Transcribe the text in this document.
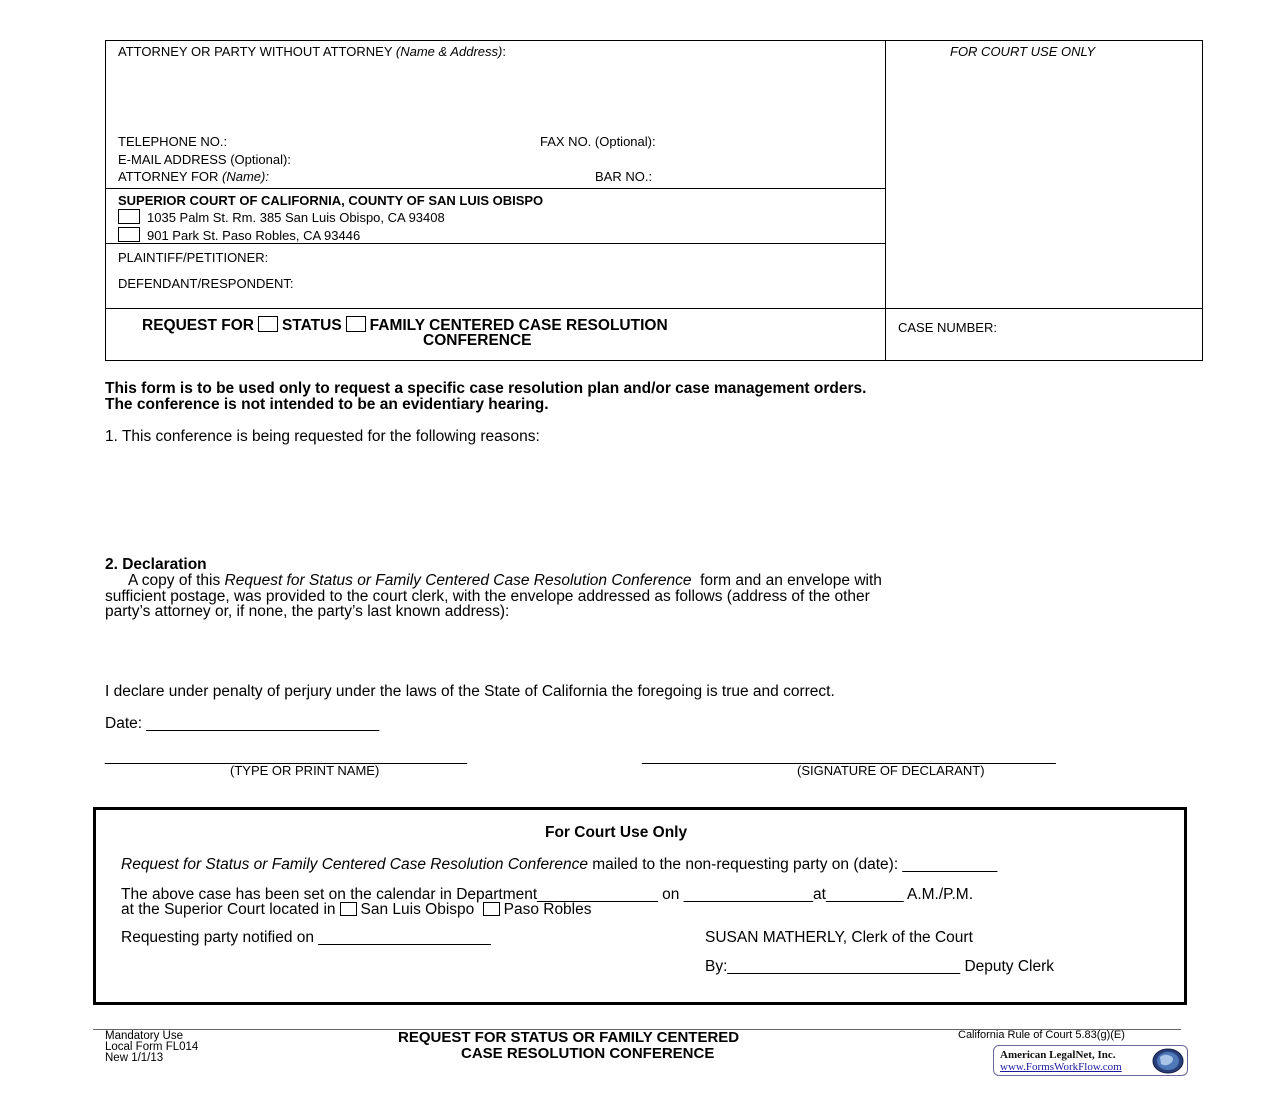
ATTORNEY OR PARTY WITHOUT ATTORNEY (Name & Address):	FOR COURT USE ONLY
TELEPHONE NO.:	FAX NO. (Optional):
E-MAIL ADDRESS (Optional):
ATTORNEY FOR (Name):	BAR NO.:
SUPERIOR COURT OF CALIFORNIA, COUNTY OF SAN LUIS OBISPO
1035 Palm St. Rm. 385 San Luis Obispo, CA 93408
901 Park St. Paso Robles, CA 93446
PLAINTIFF/PETITIONER:
DEFENDANT/RESPONDENT:
REQUEST FOR STATUS FAMILY CENTERED CASE RESOLUTION
CONFERENCE
CASE NUMBER:
This form is to be used only to request a specific case resolution plan and/or case management orders.
The conference is not intended to be an evidentiary hearing.
1. This conference is being requested for the following reasons:
2. Declaration
A copy of this Request for Status or Family Centered Case Resolution Conference form and an envelope with
sufficient postage, was provided to the court clerk, with the envelope addressed as follows (address of the other
party’s attorney or, if none, the party’s last known address):
I declare under penalty of perjury under the laws of the State of California the foregoing is true and correct.
Date: ___________________________
__________________________________________
(TYPE OR PRINT NAME)
________________________________________________
(SIGNATURE OF DECLARANT)
For Court Use Only
Request for Status or Family Centered Case Resolution Conference mailed to the non-requesting party on (date): ___________
The above case has been set on the calendar in Department______________ on _______________at_________ A.M./P.M.
at the Superior Court located in San Luis Obispo Paso Robles
Requesting party notified on ____________________	SUSAN MATHERLY, Clerk of the Court
By:___________________________ Deputy Clerk
Mandatory Use
Local Form FL014
New 1/1/13
REQUEST FOR STATUS OR FAMILY CENTERED
CASE RESOLUTION CONFERENCE
California Rule of Court 5.83(g)(E)
American LegalNet, Inc.
www.FormsWorkFlow.com
